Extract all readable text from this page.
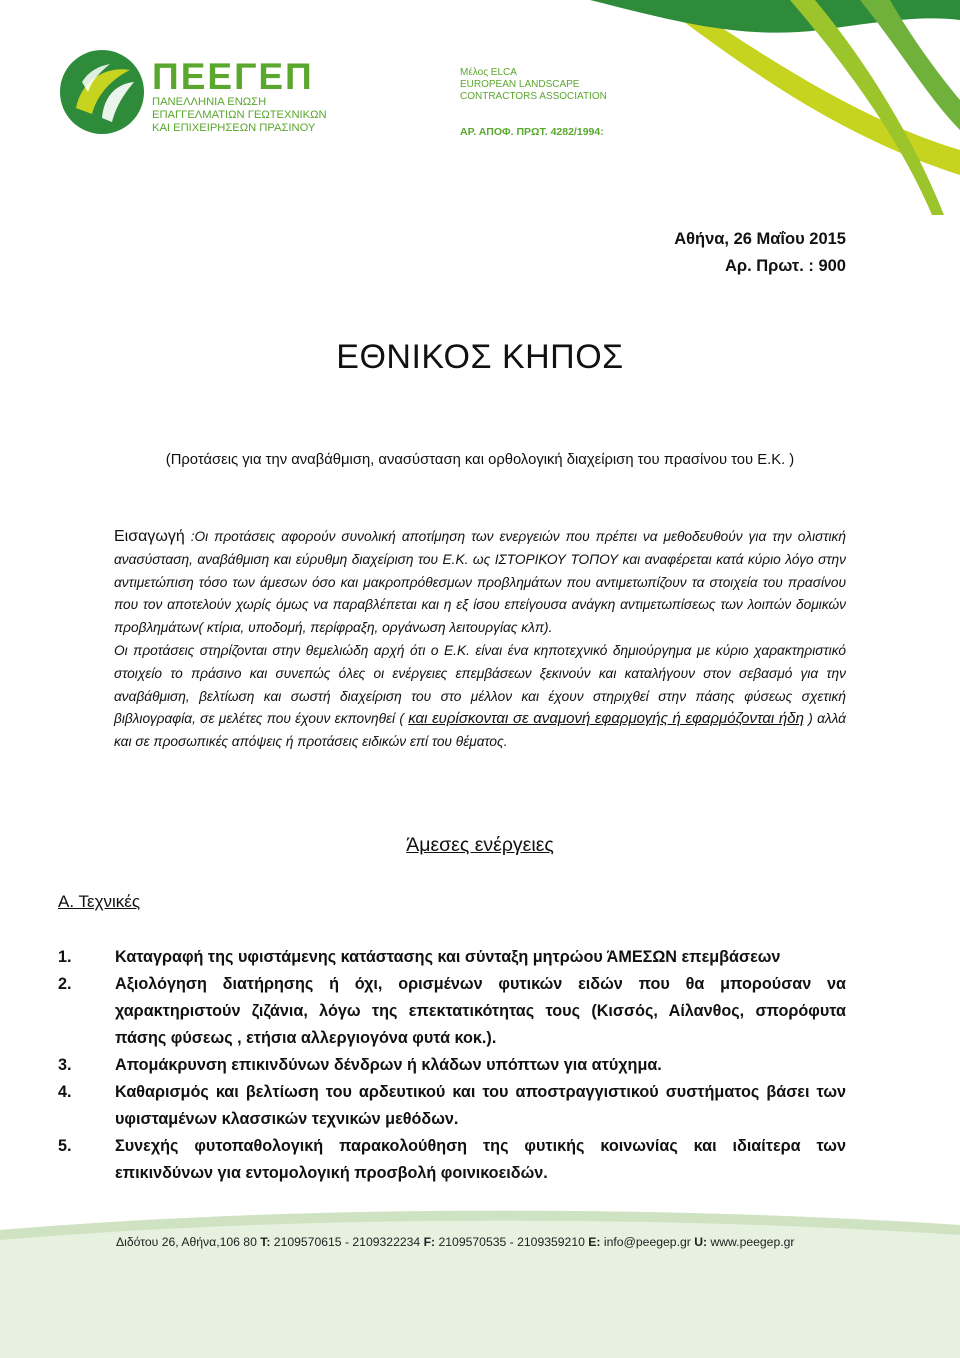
ΠΕΕΓΕΠ
ΠΑΝΕΛΛΗΝΙΑ ΕΝΩΣΗ
ΕΠΑΓΓΕΛΜΑΤΙΩΝ ΓΕΩΤΕΧΝΙΚΩΝ
ΚΑΙ ΕΠΙΧΕΙΡΗΣΕΩΝ ΠΡΑΣΙΝΟΥ
Μέλος ELCA
EUROPEAN LANDSCAPE
CONTRACTORS ASSOCIATION
ΑΡ. ΑΠΟΦ. ΠΡΩΤ. 4282/1994:
Αθήνα, 26 Μαΐου 2015
Αρ. Πρωτ. : 900
ΕΘΝΙΚΟΣ ΚΗΠΟΣ
(Προτάσεις για την αναβάθμιση, ανασύσταση και ορθολογική διαχείριση του πρασίνου του Ε.Κ. )

Εισαγωγή :Οι προτάσεις αφορούν συνολική αποτίμηση των ενεργειών που πρέπει να μεθοδευθούν για την ολιστική ανασύσταση, αναβάθμιση και εύρυθμη διαχείριση του Ε.Κ. ως ΙΣΤΟΡΙΚΟΥ ΤΟΠΟΥ και αναφέρεται κατά κύριο λόγο στην αντιμετώπιση τόσο των άμεσων όσο και μακροπρόθεσμων προβλημάτων που αντιμετωπίζουν τα στοιχεία του πρασίνου που τον αποτελούν χωρίς όμως να παραβλέπεται και η εξ ίσου επείγουσα ανάγκη αντιμετωπίσεως των λοιπών δομικών προβλημάτων( κτίρια, υποδομή, περίφραξη, οργάνωση λειτουργίας κλπ).

Οι προτάσεις στηρίζονται στην θεμελιώδη αρχή ότι ο Ε.Κ. είναι ένα κηποτεχνικό δημιούργημα με κύριο χαρακτηριστικό στοιχείο το πράσινο και συνεπώς όλες οι ενέργειες επεμβάσεων ξεκινούν και καταλήγουν στον σεβασμό για την αναβάθμιση, βελτίωση και σωστή διαχείριση του στο μέλλον και έχουν στηριχθεί στην πάσης φύσεως σχετική βιβλιογραφία, σε μελέτες που έχουν εκπονηθεί ( και ευρίσκονται σε αναμονή εφαρμογής ή εφαρμόζονται ήδη ) αλλά και σε προσωπικές απόψεις ή προτάσεις ειδικών επί του θέματος.

Άμεσες ενέργειες
Α. Τεχνικές
1.	Καταγραφή της υφιστάμενης κατάστασης και σύνταξη μητρώου ΆΜΕΣΩΝ επεμβάσεων
2.	Αξιολόγηση διατήρησης ή όχι, ορισμένων φυτικών ειδών που θα μπορούσαν να χαρακτηριστούν ζιζάνια, λόγω της επεκτατικότητας τους (Κισσός, Αίλανθος, σπορόφυτα πάσης φύσεως , ετήσια αλλεργιογόνα φυτά κοκ.).
3.	Απομάκρυνση επικινδύνων δένδρων ή κλάδων υπόπτων για ατύχημα.
4.	Καθαρισμός και βελτίωση του αρδευτικού και του αποστραγγιστικού συστήματος βάσει των υφισταμένων κλασσικών τεχνικών μεθόδων.
5.	Συνεχής φυτοπαθολογική παρακολούθηση της φυτικής κοινωνίας και ιδιαίτερα των επικινδύνων για εντομολογική προσβολή φοινικοειδών.
Διδότου 26, Αθήνα,106 80 T: 2109570615 - 2109322234 F: 2109570535 - 2109359210 E: info@peegep.gr U: www.peegep.gr
